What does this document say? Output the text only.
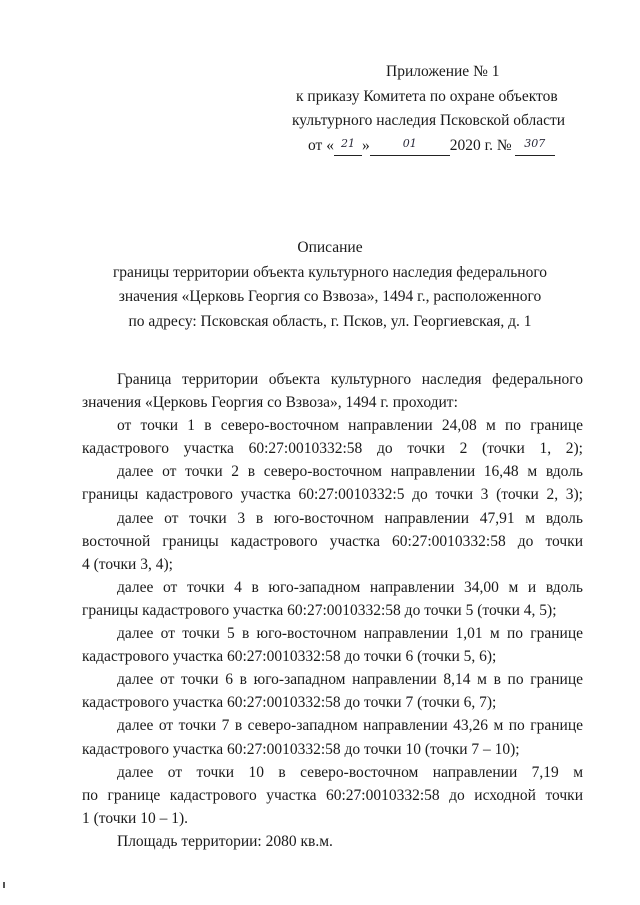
Приложение № 1
к приказу Комитета по охране объектов
культурного наследия Псковской области
от « 21 »	01 2020 г. № 307
Описание
границы территории объекта культурного наследия федерального
значения «Церковь Георгия со Взвоза», 1494 г., расположенного
по адресу: Псковская область, г. Псков, ул. Георгиевская, д. 1
Граница территории объекта культурного наследия федерального
значения «Церковь Георгия со Взвоза», 1494 г. проходит:
от точки 1 в северо-восточном направлении 24,08 м по границе
кадастрового участка 60:27:0010332:58 до точки 2 (точки 1, 2);
далее от точки 2 в северо-восточном направлении 16,48 м вдоль
границы кадастрового участка 60:27:0010332:5 до точки 3 (точки 2, 3);
далее от точки 3 в юго-восточном направлении 47,91 м вдоль
восточной границы кадастрового участка 60:27:0010332:58 до точки
4 (точки 3, 4);
далее от точки 4 в юго-западном направлении 34,00 м и вдоль
границы кадастрового участка 60:27:0010332:58 до точки 5 (точки 4, 5);
далее от точки 5 в юго-восточном направлении 1,01 м по границе
кадастрового участка 60:27:0010332:58 до точки 6 (точки 5, 6);
далее от точки 6 в юго-западном направлении 8,14 м в по границе
кадастрового участка 60:27:0010332:58 до точки 7 (точки 6, 7);
далее от точки 7 в северо-западном направлении 43,26 м по границе
кадастрового участка 60:27:0010332:58 до точки 10 (точки 7 – 10);
далее от точки 10 в северо-восточном направлении 7,19 м
по границе кадастрового участка 60:27:0010332:58 до исходной точки
1 (точки 10 – 1).
Площадь территории: 2080 кв.м.
